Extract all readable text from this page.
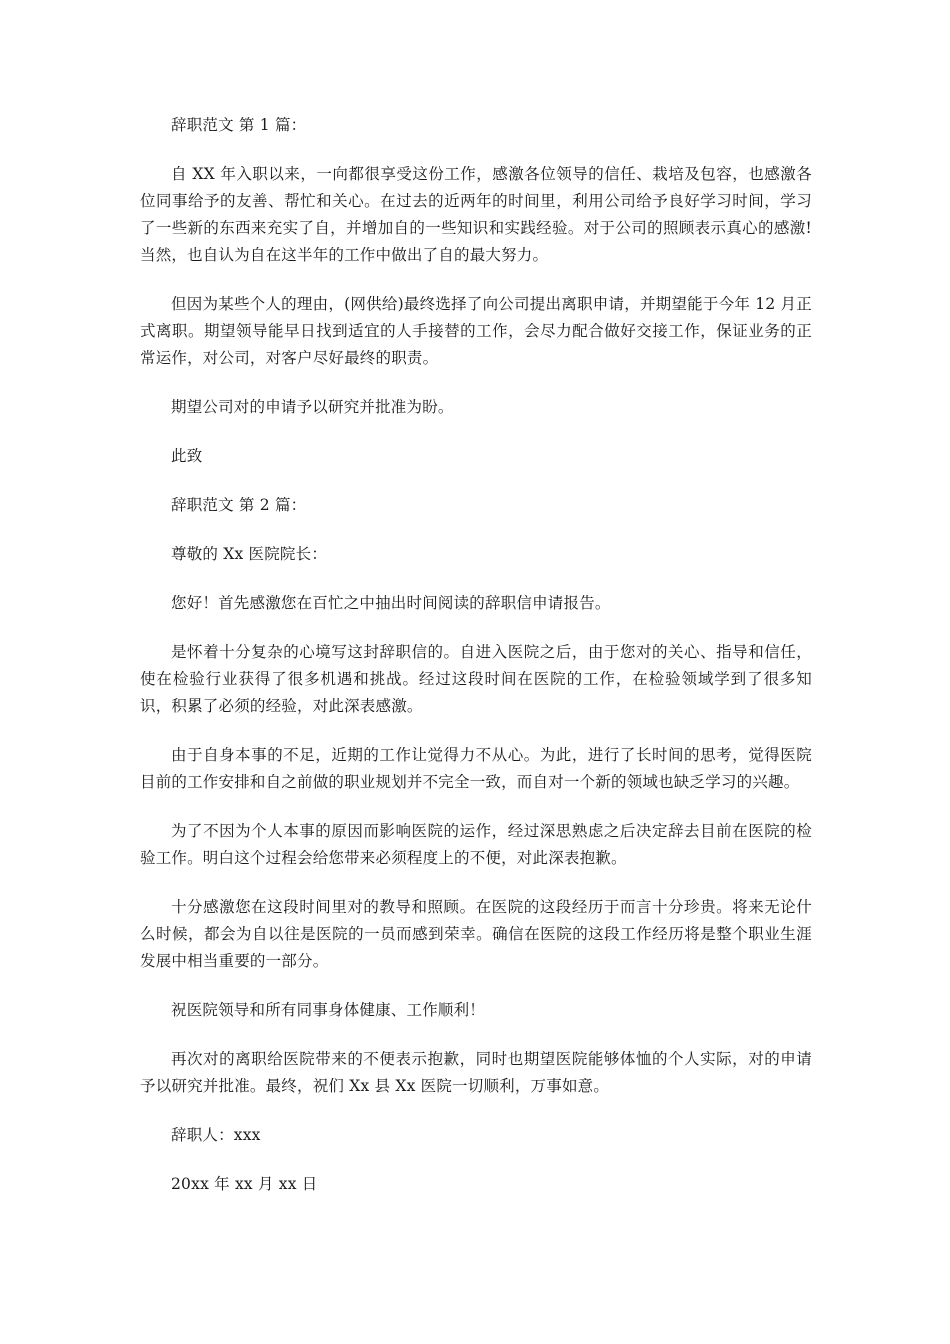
辞职范文 第 1 篇：

自 XX 年入职以来，一向都很享受这份工作，感激各位领导的信任、栽培及包容，也感激各位同事给予的友善、帮忙和关心。在过去的近两年的时间里，利用公司给予良好学习时间，学习了一些新的东西来充实了自，并增加自的一些知识和实践经验。对于公司的照顾表示真心的感激!当然，也自认为自在这半年的工作中做出了自的最大努力。

但因为某些个人的理由，(网供给)最终选择了向公司提出离职申请，并期望能于今年 12 月正式离职。期望领导能早日找到适宜的人手接替的工作，会尽力配合做好交接工作，保证业务的正常运作，对公司，对客户尽好最终的职责。

期望公司对的申请予以研究并批准为盼。

此致

辞职范文 第 2 篇：

尊敬的 Xx 医院院长：

您好！首先感激您在百忙之中抽出时间阅读的辞职信申请报告。

是怀着十分复杂的心境写这封辞职信的。自进入医院之后，由于您对的关心、指导和信任，使在检验行业获得了很多机遇和挑战。经过这段时间在医院的工作，在检验领域学到了很多知识，积累了必须的经验，对此深表感激。

由于自身本事的不足，近期的工作让觉得力不从心。为此，进行了长时间的思考，觉得医院目前的工作安排和自之前做的职业规划并不完全一致，而自对一个新的领域也缺乏学习的兴趣。

为了不因为个人本事的原因而影响医院的运作，经过深思熟虑之后决定辞去目前在医院的检验工作。明白这个过程会给您带来必须程度上的不便，对此深表抱歉。

十分感激您在这段时间里对的教导和照顾。在医院的这段经历于而言十分珍贵。将来无论什么时候，都会为自以往是医院的一员而感到荣幸。确信在医院的这段工作经历将是整个职业生涯发展中相当重要的一部分。

祝医院领导和所有同事身体健康、工作顺利！

再次对的离职给医院带来的不便表示抱歉，同时也期望医院能够体恤的个人实际，对的申请予以研究并批准。最终，祝们 Xx 县 Xx 医院一切顺利，万事如意。

辞职人：xxx

20xx 年 xx 月 xx 日
